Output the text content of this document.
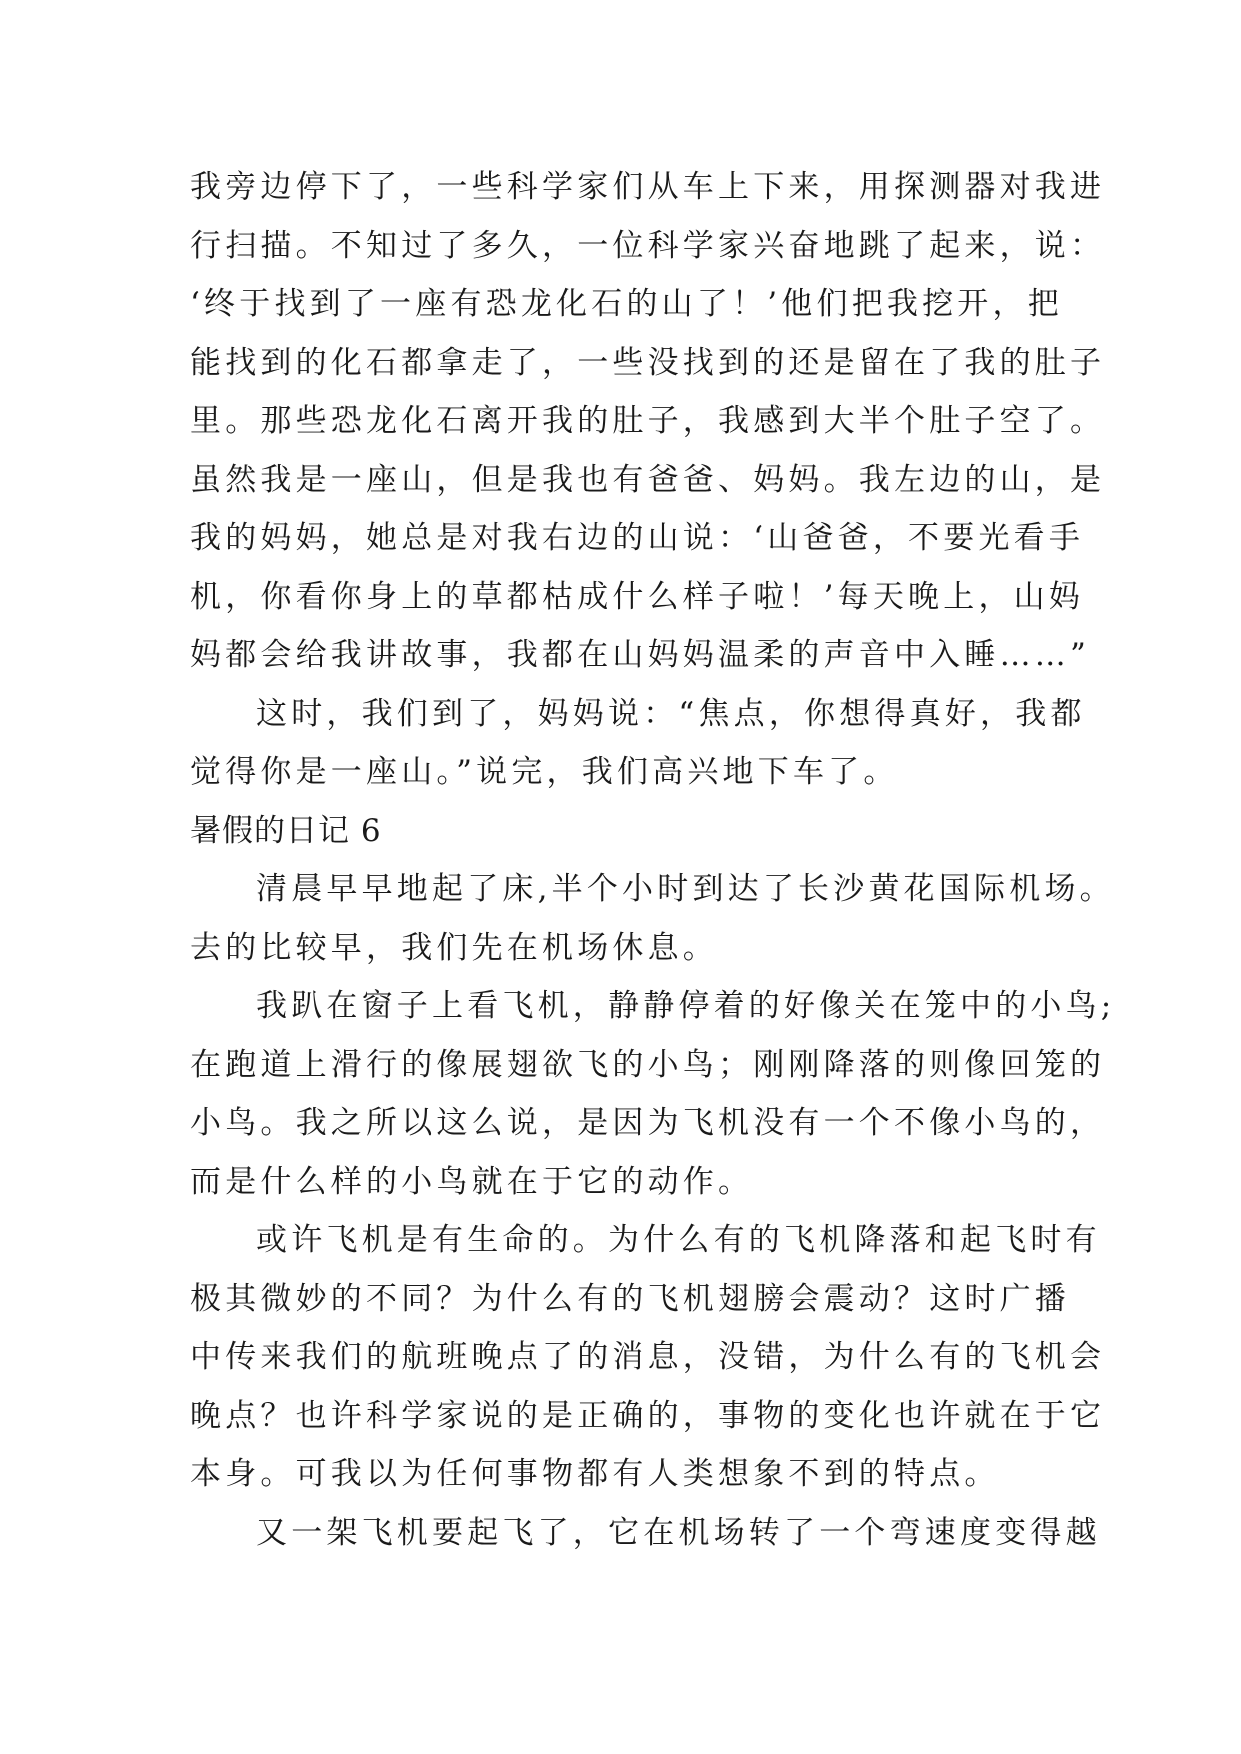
我旁边停下了，一些科学家们从车上下来，用探测器对我进
行扫描。不知过了多久，一位科学家兴奋地跳了起来，说：
‘终于找到了一座有恐龙化石的山了！’他们把我挖开，把
能找到的化石都拿走了，一些没找到的还是留在了我的肚子
里。那些恐龙化石离开我的肚子，我感到大半个肚子空了。
虽然我是一座山，但是我也有爸爸、妈妈。我左边的山，是
我的妈妈，她总是对我右边的山说：‘山爸爸，不要光看手
机，你看你身上的草都枯成什么样子啦！’每天晚上，山妈
妈都会给我讲故事，我都在山妈妈温柔的声音中入睡……”
这时，我们到了，妈妈说：“焦点，你想得真好，我都
觉得你是一座山。”说完，我们高兴地下车了。
暑假的日记 6
清晨早早地起了床,半个小时到达了长沙黄花国际机场。
去的比较早，我们先在机场休息。
我趴在窗子上看飞机，静静停着的好像关在笼中的小鸟;
在跑道上滑行的像展翅欲飞的小鸟；刚刚降落的则像回笼的
小鸟。我之所以这么说，是因为飞机没有一个不像小鸟的，
而是什么样的小鸟就在于它的动作。
或许飞机是有生命的。为什么有的飞机降落和起飞时有
极其微妙的不同？为什么有的飞机翅膀会震动？这时广播
中传来我们的航班晚点了的消息，没错，为什么有的飞机会
晚点？也许科学家说的是正确的，事物的变化也许就在于它
本身。可我以为任何事物都有人类想象不到的特点。
又一架飞机要起飞了，它在机场转了一个弯速度变得越
